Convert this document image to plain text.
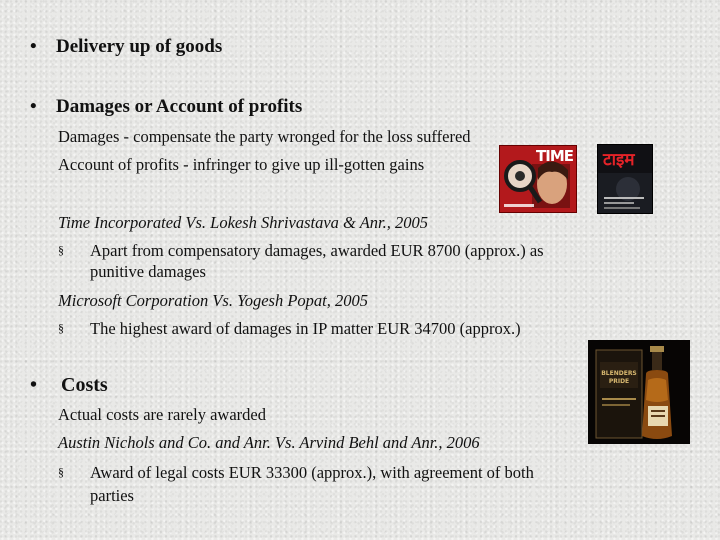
• Delivery up of goods
• Damages or Account of profits
Damages - compensate the party wronged for the loss suffered
Account of profits - infringer to give up ill-gotten gains
Time Incorporated Vs. Lokesh Shrivastava & Anr., 2005
§ Apart from compensatory damages, awarded EUR 8700 (approx.) as
punitive damages
Microsoft Corporation Vs. Yogesh Popat, 2005
§ The highest award of damages in IP matter EUR 34700 (approx.)
• Costs
Actual costs are rarely awarded
Austin Nichols and Co. and Anr. Vs. Arvind Behl and Anr., 2006
§ Award of legal costs EUR 33300 (approx.), with agreement of both
parties
TIME टाइम
BLENDERS PRIDE
